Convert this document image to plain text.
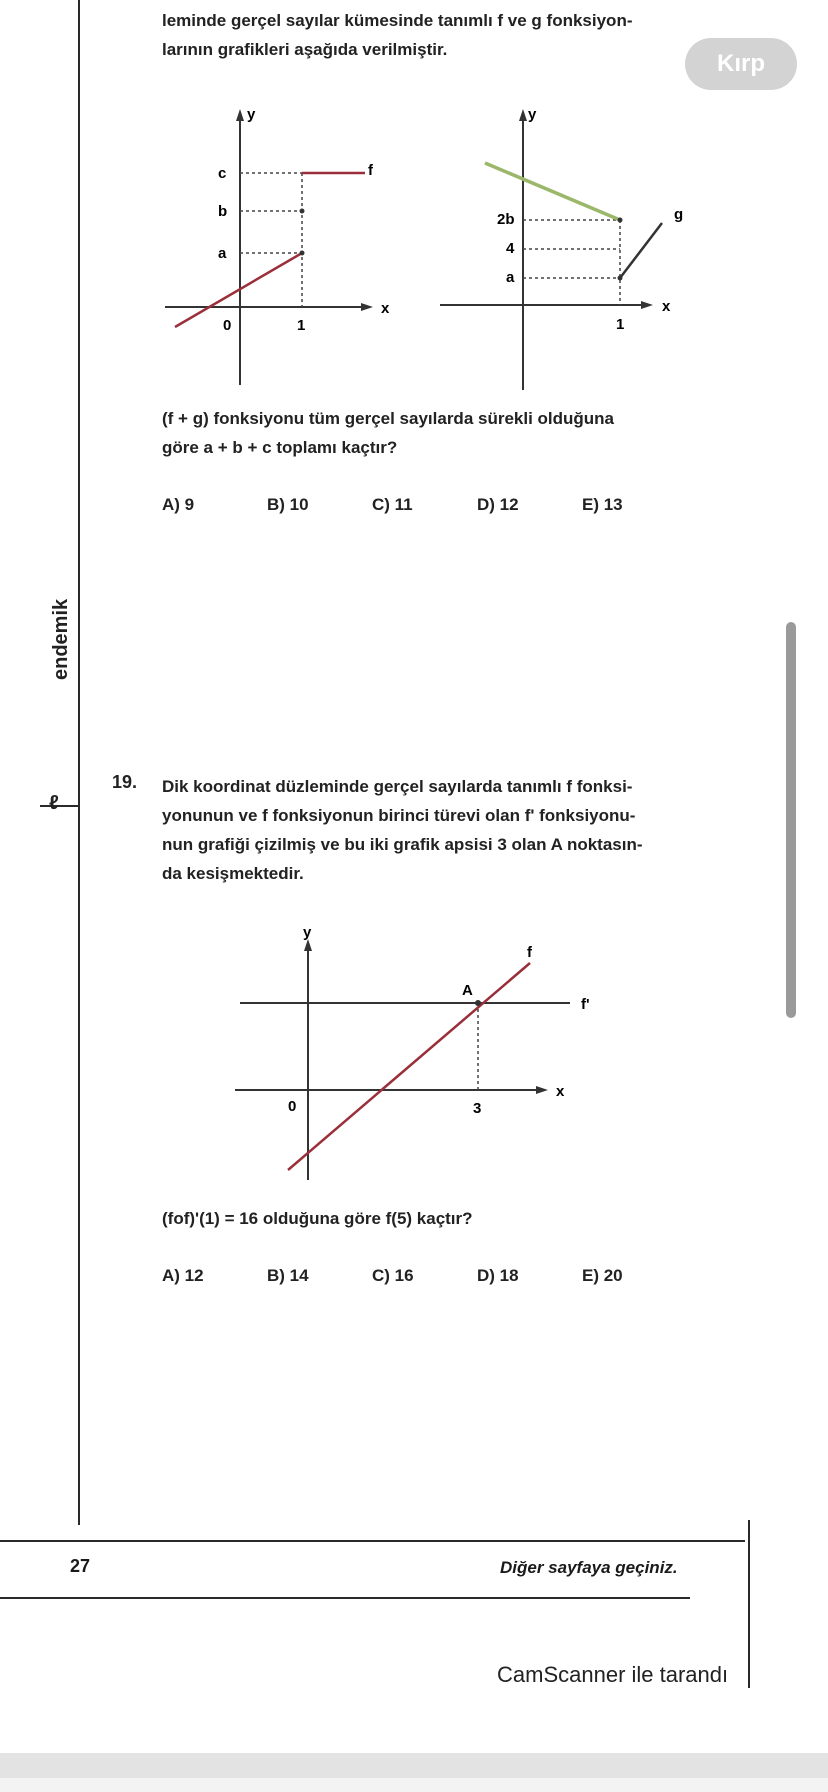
leminde gerçel sayılar kümesinde tanımlı f ve g fonksiyon-
larının grafikleri aşağıda verilmiştir.
Kırp
endemik
ℓ
y
x
c
b
a
0	1
f
y
x
2b
4
a
1
g
(f + g) fonksiyonu tüm gerçel sayılarda sürekli olduğuna
göre a + b + c toplamı kaçtır?
A) 9	B) 10	C) 11	D) 12	E) 13
19. Dik koordinat düzleminde gerçel sayılarda tanımlı f fonksi-
yonunun ve f fonksiyonun birinci türevi olan f' fonksiyonu-
nun grafiği çizilmiş ve bu iki grafik apsisi 3 olan A noktasın-
da kesişmektedir.
y
x
A
0	3
f
f'
(fof)'(1) = 16 olduğuna göre f(5) kaçtır?
A) 12	B) 14	C) 16	D) 18	E) 20
27	Diğer sayfaya geçiniz.
CamScanner ile tarandı
